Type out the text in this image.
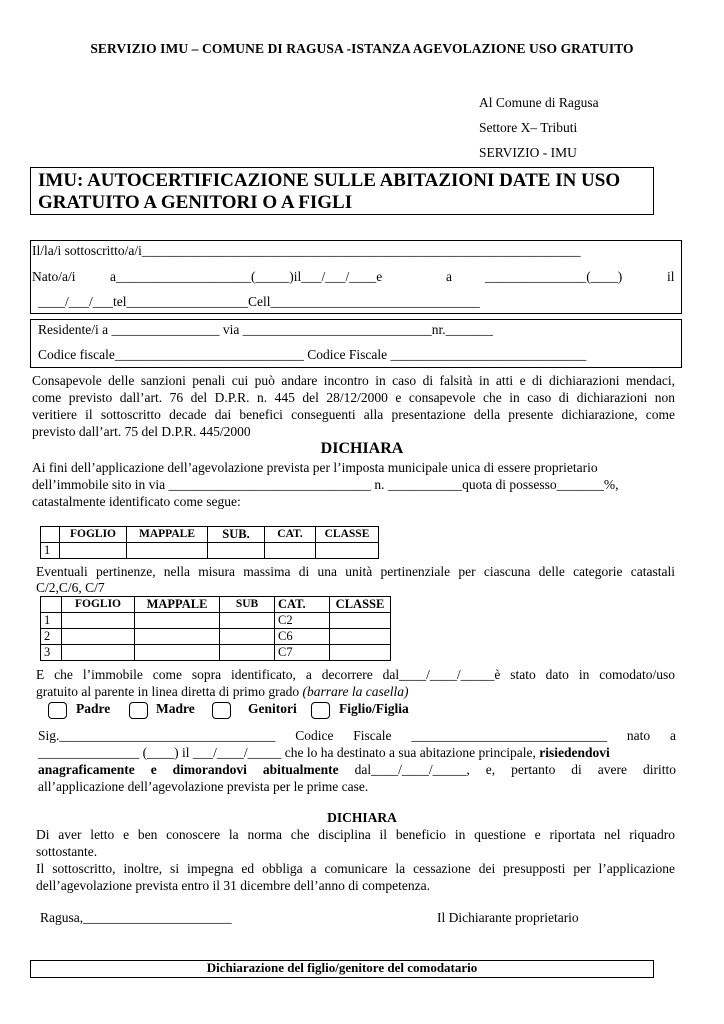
SERVIZIO IMU – COMUNE DI RAGUSA -ISTANZA AGEVOLAZIONE USO GRATUITO
Al Comune di Ragusa
Settore X– Tributi
SERVIZIO - IMU
IMU: AUTOCERTIFICAZIONE SULLE ABITAZIONI DATE IN USO
GRATUITO A GENITORI O A FIGLI
Il/la/i sottoscritto/a/i_________________________________________________________________
Nato/a/i	a____________________(_____)il___/___/____e	a _______________(____)	il
____/___/___tel__________________Cell_______________________________
Residente/i a ________________ via ____________________________nr._______
Codice fiscale____________________________ Codice Fiscale _____________________________
Consapevole delle sanzioni penali cui può andare incontro in caso di falsità in atti e di dichiarazioni mendaci,
come previsto dall’art. 76 del D.P.R. n. 445 del 28/12/2000 e consapevole che in caso di dichiarazioni non
veritiere il sottoscritto decade dai benefici conseguenti alla presentazione della presente dichiarazione, come
previsto dall’art. 75 del D.P.R. 445/2000
DICHIARA
Ai fini dell’applicazione dell’agevolazione prevista per l’imposta municipale unica di essere proprietario
dell’immobile sito in via ______________________________ n. ___________quota di possesso_______%,
catastalmente identificato come segue:
	FOGLIO	MAPPALE	SUB.	CAT.	CLASSE
1					
Eventuali pertinenze, nella misura massima di una unità pertinenziale per ciascuna delle categorie catastali
C/2,C/6, C/7
	FOGLIO	MAPPALE	SUB	CAT.	CLASSE
1				C2	
2				C6	
3				C7	
E che l’immobile come sopra identificato, a decorrere dal____/____/_____è stato dato in comodato/uso
gratuito al parente in linea diretta di primo grado (barrare la casella)
Padre	Madre	Genitori	Figlio/Figlia
Sig.________________________________ Codice Fiscale _____________________________ nato a
_______________ (____) il ___/____/_____ che lo ha destinato a sua abitazione principale, risiedendovi
anagraficamente e dimorandovi abitualmente dal____/____/_____, e, pertanto di avere diritto
all’applicazione dell’agevolazione prevista per le prime case.
DICHIARA
Di aver letto e ben conoscere la norma che disciplina il beneficio in questione e riportata nel riquadro
sottostante.
Il sottoscritto, inoltre, si impegna ed obbliga a comunicare la cessazione dei presupposti per l’applicazione
dell’agevolazione prevista entro il 31 dicembre dell’anno di competenza.
Ragusa,______________________	Il Dichiarante proprietario
Dichiarazione del figlio/genitore del comodatario
